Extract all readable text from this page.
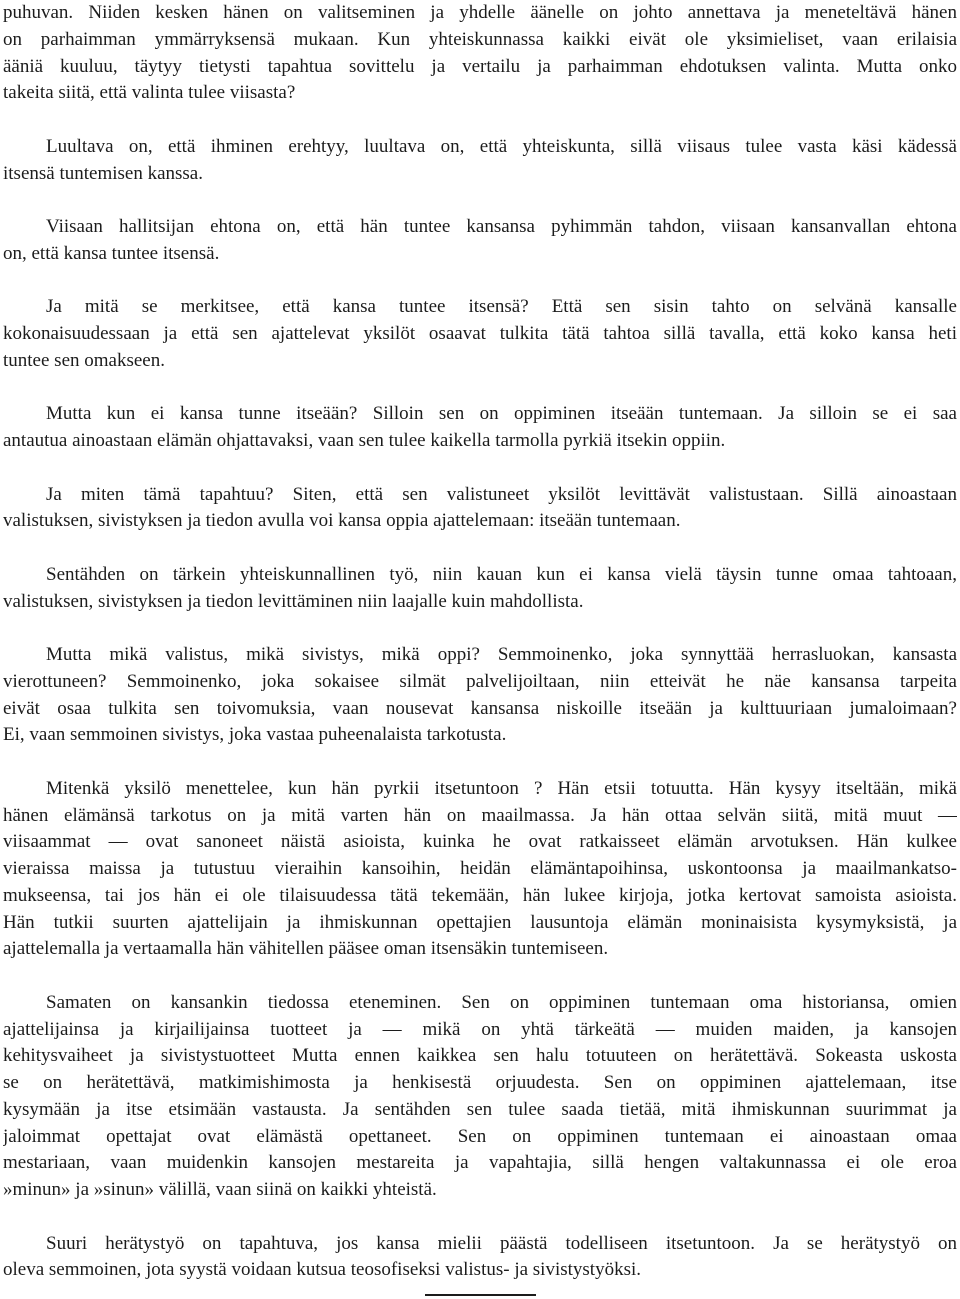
puhuvan. Niiden kesken hänen on valitseminen ja yhdelle äänelle on johto annettava ja meneteltävä hänen
on parhaimman ymmärryksensä mukaan. Kun yhteiskunnassa kaikki eivät ole yksimieliset, vaan erilaisia
ääniä kuuluu, täytyy tietysti tapahtua sovittelu ja vertailu ja parhaimman ehdotuksen valinta. Mutta onko
takeita siitä, että valinta tulee viisasta?
Luultava on, että ihminen erehtyy, luultava on, että yhteiskunta, sillä viisaus tulee vasta käsi kädessä
itsensä tuntemisen kanssa.
Viisaan hallitsijan ehtona on, että hän tuntee kansansa pyhimmän tahdon, viisaan kansanvallan ehtona
on, että kansa tuntee itsensä.
Ja mitä se merkitsee, että kansa tuntee itsensä? Että sen sisin tahto on selvänä kansalle
kokonaisuudessaan ja että sen ajattelevat yksilöt osaavat tulkita tätä tahtoa sillä tavalla, että koko kansa heti
tuntee sen omakseen.
Mutta kun ei kansa tunne itseään? Silloin sen on oppiminen itseään tuntemaan. Ja silloin se ei saa
antautua ainoastaan elämän ohjattavaksi, vaan sen tulee kaikella tarmolla pyrkiä itsekin oppiin.
Ja miten tämä tapahtuu? Siten, että sen valistuneet yksilöt levittävät valistustaan. Sillä ainoastaan
valistuksen, sivistyksen ja tiedon avulla voi kansa oppia ajattelemaan: itseään tuntemaan.
Sentähden on tärkein yhteiskunnallinen työ, niin kauan kun ei kansa vielä täysin tunne omaa tahtoaan,
valistuksen, sivistyksen ja tiedon levittäminen niin laajalle kuin mahdollista.
Mutta mikä valistus, mikä sivistys, mikä oppi? Semmoinenko, joka synnyttää herrasluokan, kansasta
vierottuneen? Semmoinenko, joka sokaisee silmät palvelijoiltaan, niin etteivät he näe kansansa tarpeita
eivät osaa tulkita sen toivomuksia, vaan nousevat kansansa niskoille itseään ja kulttuuriaan jumaloimaan?
Ei, vaan semmoinen sivistys, joka vastaa puheenalaista tarkotusta.
Mitenkä yksilö menettelee, kun hän pyrkii itsetuntoon ? Hän etsii totuutta. Hän kysyy itseltään, mikä
hänen elämänsä tarkotus on ja mitä varten hän on maailmassa. Ja hän ottaa selvän siitä, mitä muut —
viisaammat — ovat sanoneet näistä asioista, kuinka he ovat ratkaisseet elämän arvotuksen. Hän kulkee
vieraissa maissa ja tutustuu vieraihin kansoihin, heidän elämäntapoihinsa, uskontoonsa ja maailmankatso-
mukseensa, tai jos hän ei ole tilaisuudessa tätä tekemään, hän lukee kirjoja, jotka kertovat samoista asioista.
Hän tutkii suurten ajattelijain ja ihmiskunnan opettajien lausuntoja elämän moninaisista kysymyksistä, ja
ajattelemalla ja vertaamalla hän vähitellen pääsee oman itsensäkin tuntemiseen.
Samaten on kansankin tiedossa eteneminen. Sen on oppiminen tuntemaan oma historiansa, omien
ajattelijainsa ja kirjailijainsa tuotteet ja — mikä on yhtä tärkeätä — muiden maiden, ja kansojen
kehitysvaiheet ja sivistystuotteet Mutta ennen kaikkea sen halu totuuteen on herätettävä. Sokeasta uskosta
se on herätettävä, matkimishimosta ja henkisestä orjuudesta. Sen on oppiminen ajattelemaan, itse
kysymään ja itse etsimään vastausta. Ja sentähden sen tulee saada tietää, mitä ihmiskunnan suurimmat ja
jaloimmat opettajat ovat elämästä opettaneet. Sen on oppiminen tuntemaan ei ainoastaan omaa
mestariaan, vaan muidenkin kansojen mestareita ja vapahtajia, sillä hengen valtakunnassa ei ole eroa
»minun» ja »sinun» välillä, vaan siinä on kaikki yhteistä.
Suuri herätystyö on tapahtuva, jos kansa mielii päästä todelliseen itsetuntoon. Ja se herätystyö on
oleva semmoinen, jota syystä voidaan kutsua teosofiseksi valistus- ja sivistystyöksi.
